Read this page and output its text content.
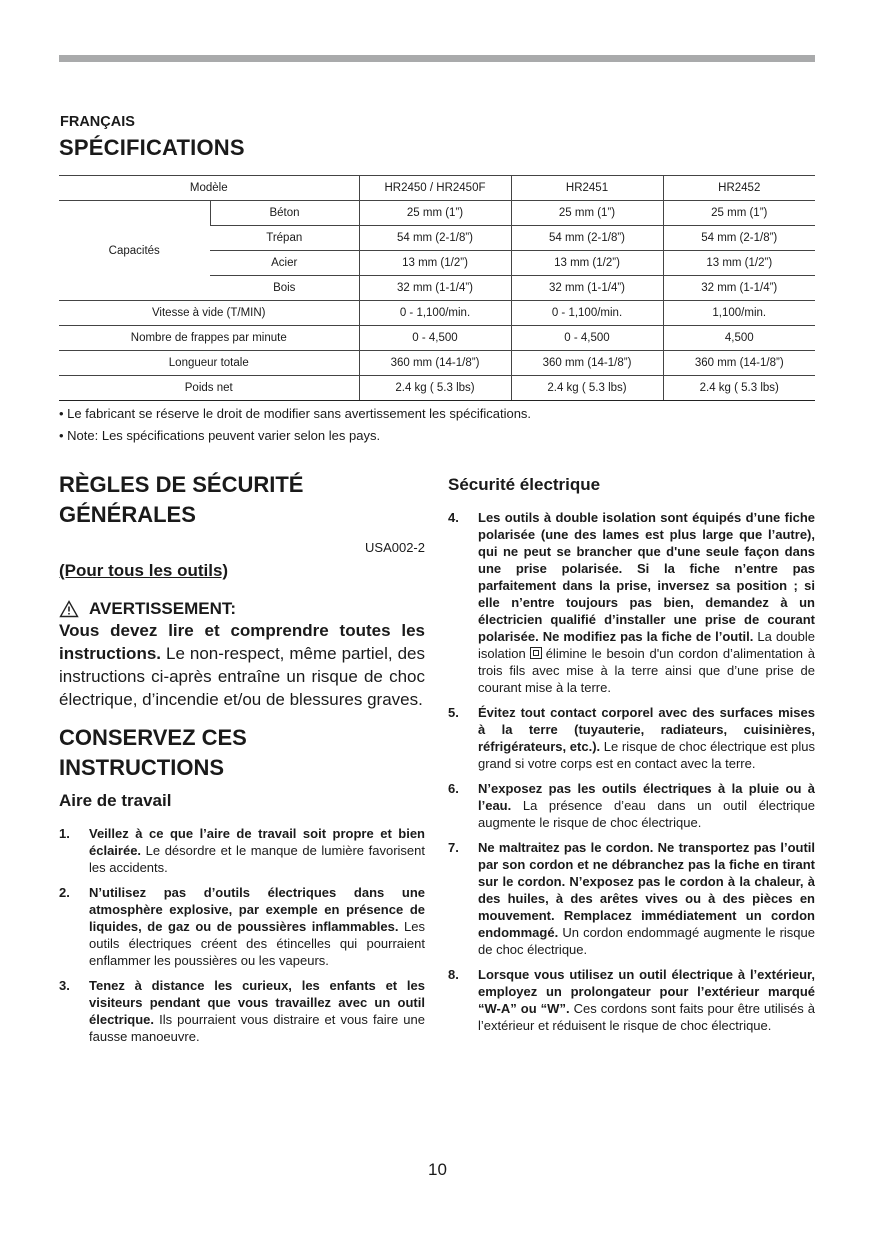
FRANÇAIS
SPÉCIFICATIONS
Modèle		HR2450 / HR2450F	HR2451	HR2452
Capacités	Béton	25 mm (1”)	25 mm (1”)	25 mm (1”)
	Trépan	54 mm (2-1/8”)	54 mm (2-1/8”)	54 mm (2-1/8”)
	Acier	13 mm (1/2”)	13 mm (1/2”)	13 mm (1/2”)
	Bois	32 mm (1-1/4”)	32 mm (1-1/4”)	32 mm (1-1/4”)
Vitesse à vide (T/MIN)		0 - 1,100/min.	0 - 1,100/min.	1,100/min.
Nombre de frappes par minute		0 - 4,500	0 - 4,500	4,500
Longueur totale		360 mm (14-1/8”)	360 mm (14-1/8”)	360 mm (14-1/8”)
Poids net		2.4 kg ( 5.3 lbs)	2.4 kg ( 5.3 lbs)	2.4 kg ( 5.3 lbs)
• Le fabricant se réserve le droit de modifier sans avertissement les spécifications.
• Note: Les spécifications peuvent varier selon les pays.
RÈGLES DE SÉCURITÉ
GÉNÉRALES
USA002-2
(Pour tous les outils)
AVERTISSEMENT:
Vous devez lire et comprendre toutes les instructions. Le non-respect, même partiel, des instructions ci-après entraîne un risque de choc électrique, d’incendie et/ou de blessures graves.
CONSERVEZ CES
INSTRUCTIONS
Aire de travail
1. Veillez à ce que l’aire de travail soit propre et bien éclairée. Le désordre et le manque de lumière favorisent les accidents.
2. N’utilisez pas d’outils électriques dans une atmosphère explosive, par exemple en présence de liquides, de gaz ou de poussières inflammables. Les outils électriques créent des étincelles qui pourraient enflammer les poussières ou les vapeurs.
3. Tenez à distance les curieux, les enfants et les visiteurs pendant que vous travaillez avec un outil électrique. Ils pourraient vous distraire et vous faire une fausse manoeuvre.
Sécurité électrique
4. Les outils à double isolation sont équipés d’une fiche polarisée (une des lames est plus large que l’autre), qui ne peut se brancher que d'une seule façon dans une prise polarisée. Si la fiche n’entre pas parfaitement dans la prise, inversez sa position ; si elle n’entre toujours pas bien, demandez à un électricien qualifié d’installer une prise de courant polarisée. Ne modifiez pas la fiche de l’outil. La double isolation élimine le besoin d'un cordon d’alimentation à trois fils avec mise à la terre ainsi que d’une prise de courant mise à la terre.
5. Évitez tout contact corporel avec des surfaces mises à la terre (tuyauterie, radiateurs, cuisinières, réfrigérateurs, etc.). Le risque de choc électrique est plus grand si votre corps est en contact avec la terre.
6. N’exposez pas les outils électriques à la pluie ou à l’eau. La présence d’eau dans un outil électrique augmente le risque de choc électrique.
7. Ne maltraitez pas le cordon. Ne transportez pas l’outil par son cordon et ne débranchez pas la fiche en tirant sur le cordon. N’exposez pas le cordon à la chaleur, à des huiles, à des arêtes vives ou à des pièces en mouvement. Remplacez immédiatement un cordon endommagé. Un cordon endommagé augmente le risque de choc électrique.
8. Lorsque vous utilisez un outil électrique à l’extérieur, employez un prolongateur pour l’extérieur marqué “W-A” ou “W”. Ces cordons sont faits pour être utilisés à l’extérieur et réduisent le risque de choc électrique.
10
